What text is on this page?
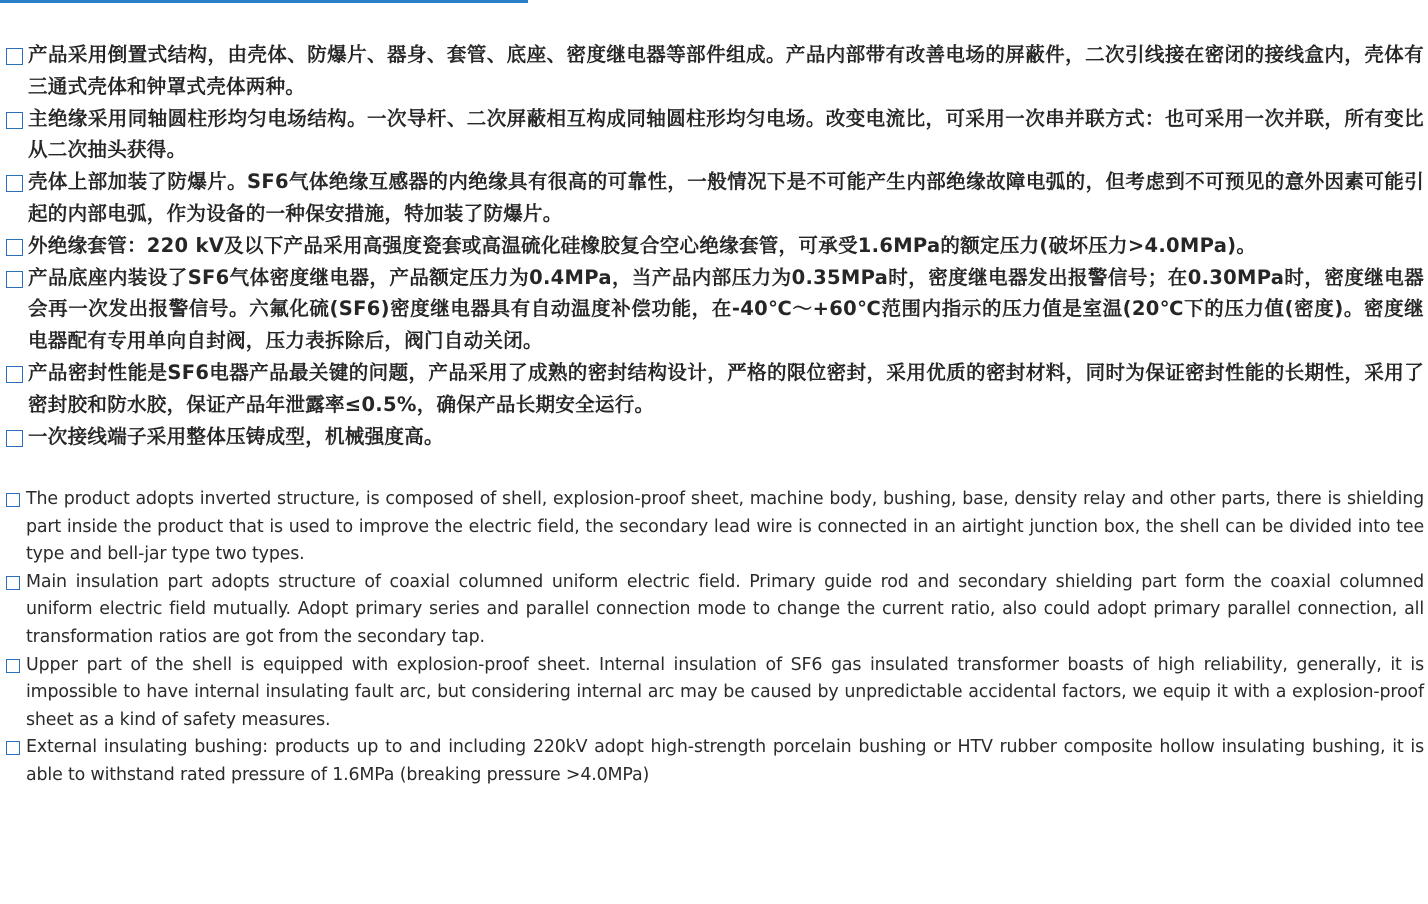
产品采用倒置式结构，由壳体、防爆片、器身、套管、底座、密度继电器等部件组成。产品内部带有改善电场的屏蔽件，二次引线接在密闭的接线盒内，壳体有三通式壳体和钟罩式壳体两种。
主绝缘采用同轴圆柱形均匀电场结构。一次导杆、二次屏蔽相互构成同轴圆柱形均匀电场。改变电流比，可采用一次串并联方式：也可采用一次并联，所有变比从二次抽头获得。
壳体上部加装了防爆片。SF6气体绝缘互感器的内绝缘具有很高的可靠性，一般情况下是不可能产生内部绝缘故障电弧的，但考虑到不可预见的意外因素可能引起的内部电弧，作为设备的一种保安措施，特加装了防爆片。
外绝缘套管：220 kV及以下产品采用高强度瓷套或高温硫化硅橡胶复合空心绝缘套管，可承受1.6MPa的额定压力(破坏压力>4.0MPa)。
产品底座内装设了SF6气体密度继电器，产品额定压力为0.4MPa，当产品内部压力为0.35MPa时，密度继电器发出报警信号；在0.30MPa时，密度继电器会再一次发出报警信号。六氟化硫(SF6)密度继电器具有自动温度补偿功能，在-40℃～+60℃范围内指示的压力值是室温(20℃下的压力值(密度)。密度继电器配有专用单向自封阀，压力表拆除后，阀门自动关闭。
产品密封性能是SF6电器产品最关键的问题，产品采用了成熟的密封结构设计，严格的限位密封，采用优质的密封材料，同时为保证密封性能的长期性，采用了密封胶和防水胶，保证产品年泄露率≤0.5%，确保产品长期安全运行。
一次接线端子采用整体压铸成型，机械强度高。
The product adopts inverted structure, is composed of shell, explosion-proof sheet, machine body, bushing, base, density relay and other parts, there is shielding part inside the product that is used to improve the electric field, the secondary lead wire is connected in an airtight junction box, the shell can be divided into tee type and bell-jar type two types.
Main insulation part adopts structure of coaxial columned uniform electric field. Primary guide rod and secondary shielding part form the coaxial columned uniform electric field mutually. Adopt primary series and parallel connection mode to change the current ratio, also could adopt primary parallel connection, all transformation ratios are got from the secondary tap.
Upper part of the shell is equipped with explosion-proof sheet. Internal insulation of SF6 gas insulated transformer boasts of high reliability, generally, it is impossible to have internal insulating fault arc, but considering internal arc may be caused by unpredictable accidental factors, we equip it with a explosion-proof sheet as a kind of safety measures.
External insulating bushing: products up to and including 220kV adopt high-strength porcelain bushing or HTV rubber composite hollow insulating bushing, it is able to withstand rated pressure of 1.6MPa (breaking pressure >4.0MPa)
